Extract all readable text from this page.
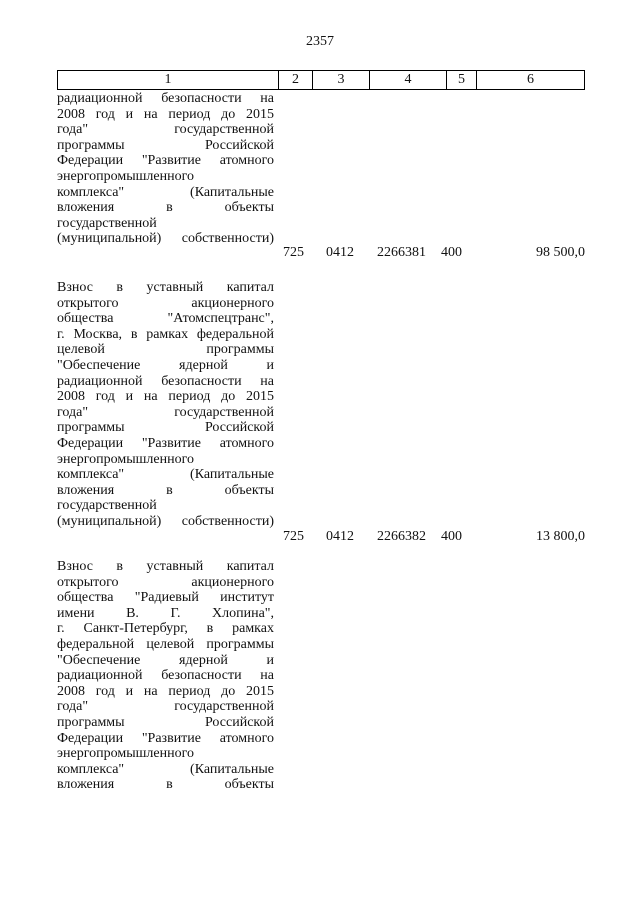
2357
1	2	3	4	5	6
радиационной безопасности на
2008 год и на период до 2015
года" государственной
программы Российской
Федерации "Развитие атомного
энергопромышленного
комплекса" (Капитальные
вложения в объекты
государственной
(муниципальной) собственности)
725 0412 2266381 400	98 500,0
Взнос в уставный капитал
открытого акционерного
общества "Атомспецтранс",
г. Москва, в рамках федеральной
целевой программы
"Обеспечение ядерной и
радиационной безопасности на
2008 год и на период до 2015
года" государственной
программы Российской
Федерации "Развитие атомного
энергопромышленного
комплекса" (Капитальные
вложения в объекты
государственной
(муниципальной) собственности)
725 0412 2266382 400	13 800,0
Взнос в уставный капитал
открытого акционерного
общества "Радиевый институт
имени В. Г. Хлопина",
г. Санкт-Петербург, в рамках
федеральной целевой программы
"Обеспечение ядерной и
радиационной безопасности на
2008 год и на период до 2015
года" государственной
программы Российской
Федерации "Развитие атомного
энергопромышленного
комплекса" (Капитальные
вложения в объекты
